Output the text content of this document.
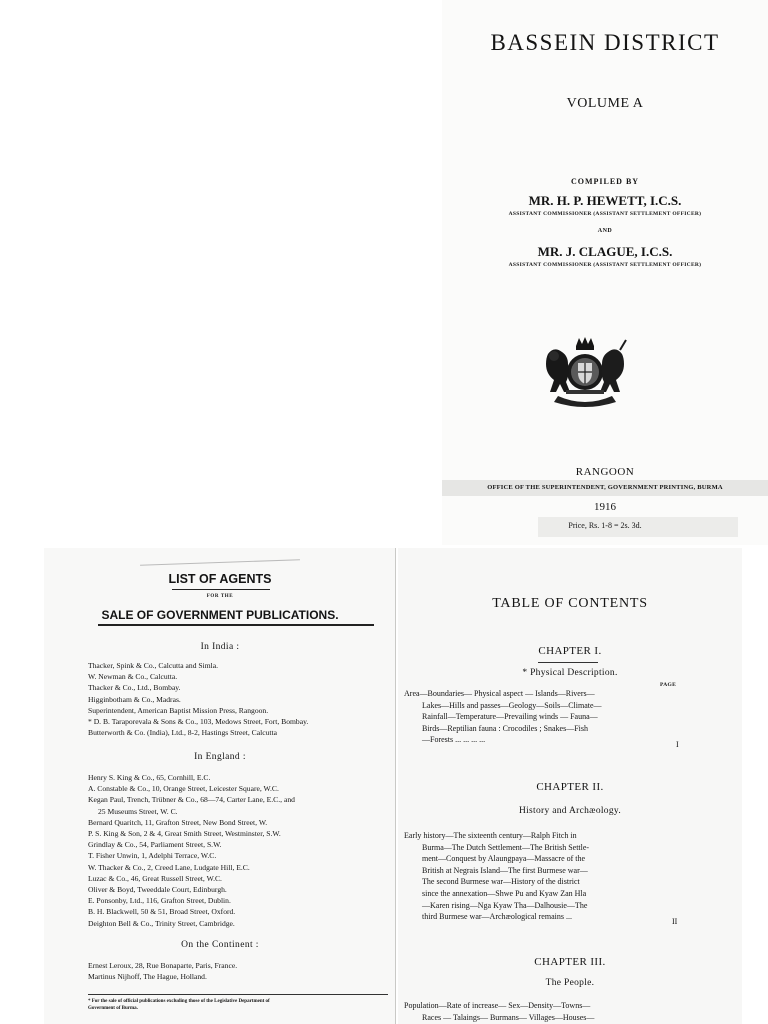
BASSEIN DISTRICT
VOLUME A
COMPILED BY
MR. H. P. HEWETT, I.C.S.
ASSISTANT COMMISSIONER (ASSISTANT SETTLEMENT OFFICER)
AND
MR. J. CLAGUE, I.C.S.
ASSISTANT COMMISSIONER (ASSISTANT SETTLEMENT OFFICER)
RANGOON
OFFICE OF THE SUPERINTENDENT, GOVERNMENT PRINTING, BURMA
1916
Price, Rs. 1-8 = 2s. 3d.
LIST OF AGENTS
FOR THE
SALE OF GOVERNMENT PUBLICATIONS.
In India :
Thacker, Spink & Co., Calcutta and Simla.
W. Newman & Co., Calcutta.
Thacker & Co., Ltd., Bombay.
Higginbotham & Co., Madras.
Superintendent, American Baptist Mission Press, Rangoon.
* D. B. Taraporevala & Sons & Co., 103, Medows Street, Fort, Bombay.
Butterworth & Co. (India), Ltd., 8-2, Hastings Street, Calcutta
In England :
Henry S. King & Co., 65, Cornhill, E.C.
A. Constable & Co., 10, Orange Street, Leicester Square, W.C.
Kegan Paul, Trench, Trübner & Co., 68—74, Carter Lane, E.C., and
25 Museums Street, W. C.
Bernard Quaritch, 11, Grafton Street, New Bond Street, W.
P. S. King & Son, 2 & 4, Great Smith Street, Westminster, S.W.
Grindlay & Co., 54, Parliament Street, S.W.
T. Fisher Unwin, 1, Adelphi Terrace, W.C.
W. Thacker & Co., 2, Creed Lane, Ludgate Hill, E.C.
Luzac & Co., 46, Great Russell Street, W.C.
Oliver & Boyd, Tweeddale Court, Edinburgh.
E. Ponsonby, Ltd., 116, Grafton Street, Dublin.
B. H. Blackwell, 50 & 51, Broad Street, Oxford.
Deighton Bell & Co., Trinity Street, Cambridge.
On the Continent :
Ernest Leroux, 28, Rue Bonaparte, Paris, France.
Martinus Nijhoff, The Hague, Holland.
* For the sale of official publications excluding those of the Legislative Department of
Government of Burma.
TABLE OF CONTENTS
CHAPTER I.
* Physical Description.
PAGE
Area—Boundaries— Physical aspect — Islands—Rivers—
Lakes—Hills and passes—Geology—Soils—Climate—
Rainfall—Temperature—Prevailing winds — Fauna—
Birds—Reptilian fauna : Crocodiles ; Snakes—Fish
—Forests ... ... ... ...
I
CHAPTER II.
History and Archæology.
Early history—The sixteenth century—Ralph Fitch in
Burma—The Dutch Settlement—The British Settle-
ment—Conquest by Alaungpaya—Massacre of the
British at Negrais Island—The first Burmese war—
The second Burmese war—History of the district
since the annexation—Shwe Pu and Kyaw Zan Hla
—Karen rising—Nga Kyaw Tha—Dalhousie—The
third Burmese war—Archæological remains ...
II
CHAPTER III.
The People.
Population—Rate of increase— Sex—Density—Towns—
Races — Talaings— Burmans— Villages—Houses—
